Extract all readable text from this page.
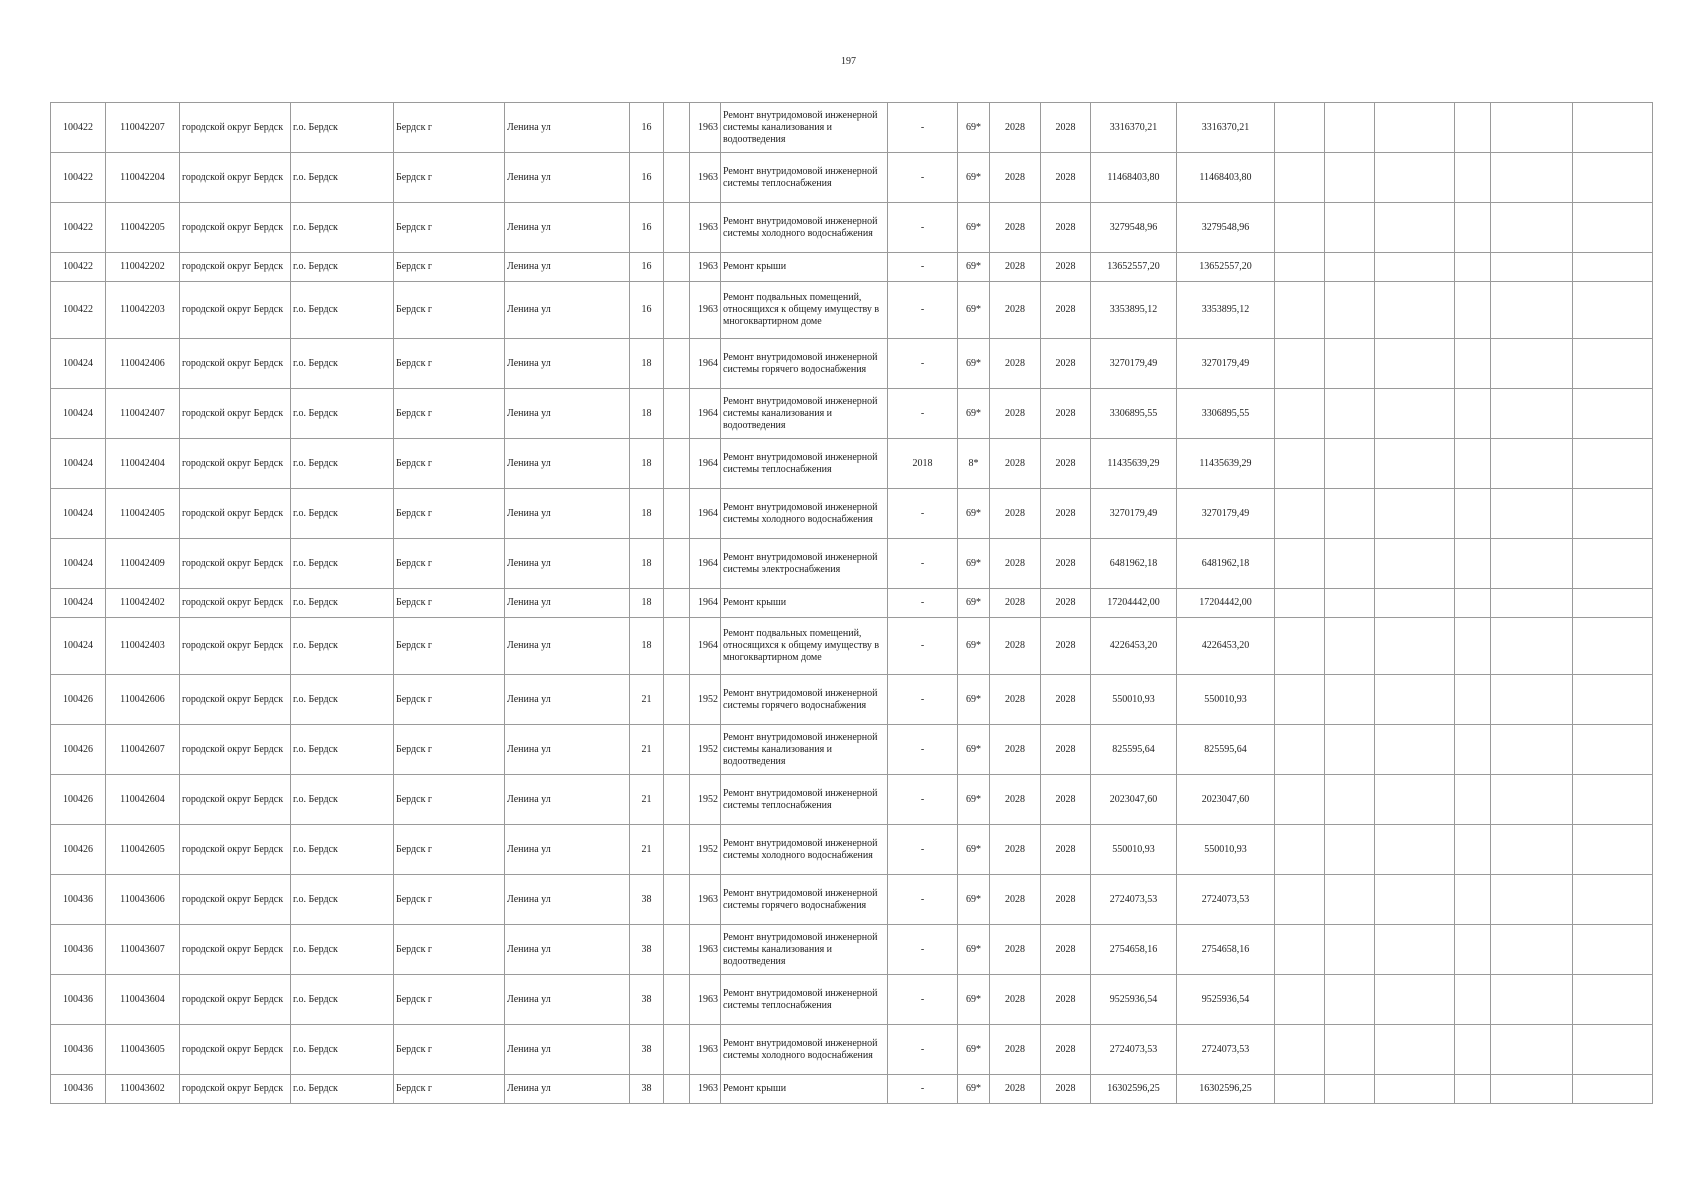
197
100422	110042207	городской округ Бердск	г.о. Бердск	Бердск г	Ленина ул	16		1963	Ремонт внутридомовой инженерной системы канализования и водоотведения	-	69*	2028	2028	3316370,21	3316370,21						
100422	110042204	городской округ Бердск	г.о. Бердск	Бердск г	Ленина ул	16		1963	Ремонт внутридомовой инженерной системы теплоснабжения	-	69*	2028	2028	11468403,80	11468403,80						
100422	110042205	городской округ Бердск	г.о. Бердск	Бердск г	Ленина ул	16		1963	Ремонт внутридомовой инженерной системы холодного водоснабжения	-	69*	2028	2028	3279548,96	3279548,96						
100422	110042202	городской округ Бердск	г.о. Бердск	Бердск г	Ленина ул	16		1963	Ремонт крыши	-	69*	2028	2028	13652557,20	13652557,20						
100422	110042203	городской округ Бердск	г.о. Бердск	Бердск г	Ленина ул	16		1963	Ремонт подвальных помещений, относящихся к общему имуществу в многоквартирном доме	-	69*	2028	2028	3353895,12	3353895,12						
100424	110042406	городской округ Бердск	г.о. Бердск	Бердск г	Ленина ул	18		1964	Ремонт внутридомовой инженерной системы горячего водоснабжения	-	69*	2028	2028	3270179,49	3270179,49						
100424	110042407	городской округ Бердск	г.о. Бердск	Бердск г	Ленина ул	18		1964	Ремонт внутридомовой инженерной системы канализования и водоотведения	-	69*	2028	2028	3306895,55	3306895,55						
100424	110042404	городской округ Бердск	г.о. Бердск	Бердск г	Ленина ул	18		1964	Ремонт внутридомовой инженерной системы теплоснабжения	2018	8*	2028	2028	11435639,29	11435639,29						
100424	110042405	городской округ Бердск	г.о. Бердск	Бердск г	Ленина ул	18		1964	Ремонт внутридомовой инженерной системы холодного водоснабжения	-	69*	2028	2028	3270179,49	3270179,49						
100424	110042409	городской округ Бердск	г.о. Бердск	Бердск г	Ленина ул	18		1964	Ремонт внутридомовой инженерной системы электроснабжения	-	69*	2028	2028	6481962,18	6481962,18						
100424	110042402	городской округ Бердск	г.о. Бердск	Бердск г	Ленина ул	18		1964	Ремонт крыши	-	69*	2028	2028	17204442,00	17204442,00						
100424	110042403	городской округ Бердск	г.о. Бердск	Бердск г	Ленина ул	18		1964	Ремонт подвальных помещений, относящихся к общему имуществу в многоквартирном доме	-	69*	2028	2028	4226453,20	4226453,20						
100426	110042606	городской округ Бердск	г.о. Бердск	Бердск г	Ленина ул	21		1952	Ремонт внутридомовой инженерной системы горячего водоснабжения	-	69*	2028	2028	550010,93	550010,93						
100426	110042607	городской округ Бердск	г.о. Бердск	Бердск г	Ленина ул	21		1952	Ремонт внутридомовой инженерной системы канализования и водоотведения	-	69*	2028	2028	825595,64	825595,64						
100426	110042604	городской округ Бердск	г.о. Бердск	Бердск г	Ленина ул	21		1952	Ремонт внутридомовой инженерной системы теплоснабжения	-	69*	2028	2028	2023047,60	2023047,60						
100426	110042605	городской округ Бердск	г.о. Бердск	Бердск г	Ленина ул	21		1952	Ремонт внутридомовой инженерной системы холодного водоснабжения	-	69*	2028	2028	550010,93	550010,93						
100436	110043606	городской округ Бердск	г.о. Бердск	Бердск г	Ленина ул	38		1963	Ремонт внутридомовой инженерной системы горячего водоснабжения	-	69*	2028	2028	2724073,53	2724073,53						
100436	110043607	городской округ Бердск	г.о. Бердск	Бердск г	Ленина ул	38		1963	Ремонт внутридомовой инженерной системы канализования и водоотведения	-	69*	2028	2028	2754658,16	2754658,16						
100436	110043604	городской округ Бердск	г.о. Бердск	Бердск г	Ленина ул	38		1963	Ремонт внутридомовой инженерной системы теплоснабжения	-	69*	2028	2028	9525936,54	9525936,54						
100436	110043605	городской округ Бердск	г.о. Бердск	Бердск г	Ленина ул	38		1963	Ремонт внутридомовой инженерной системы холодного водоснабжения	-	69*	2028	2028	2724073,53	2724073,53						
100436	110043602	городской округ Бердск	г.о. Бердск	Бердск г	Ленина ул	38		1963	Ремонт крыши	-	69*	2028	2028	16302596,25	16302596,25						
